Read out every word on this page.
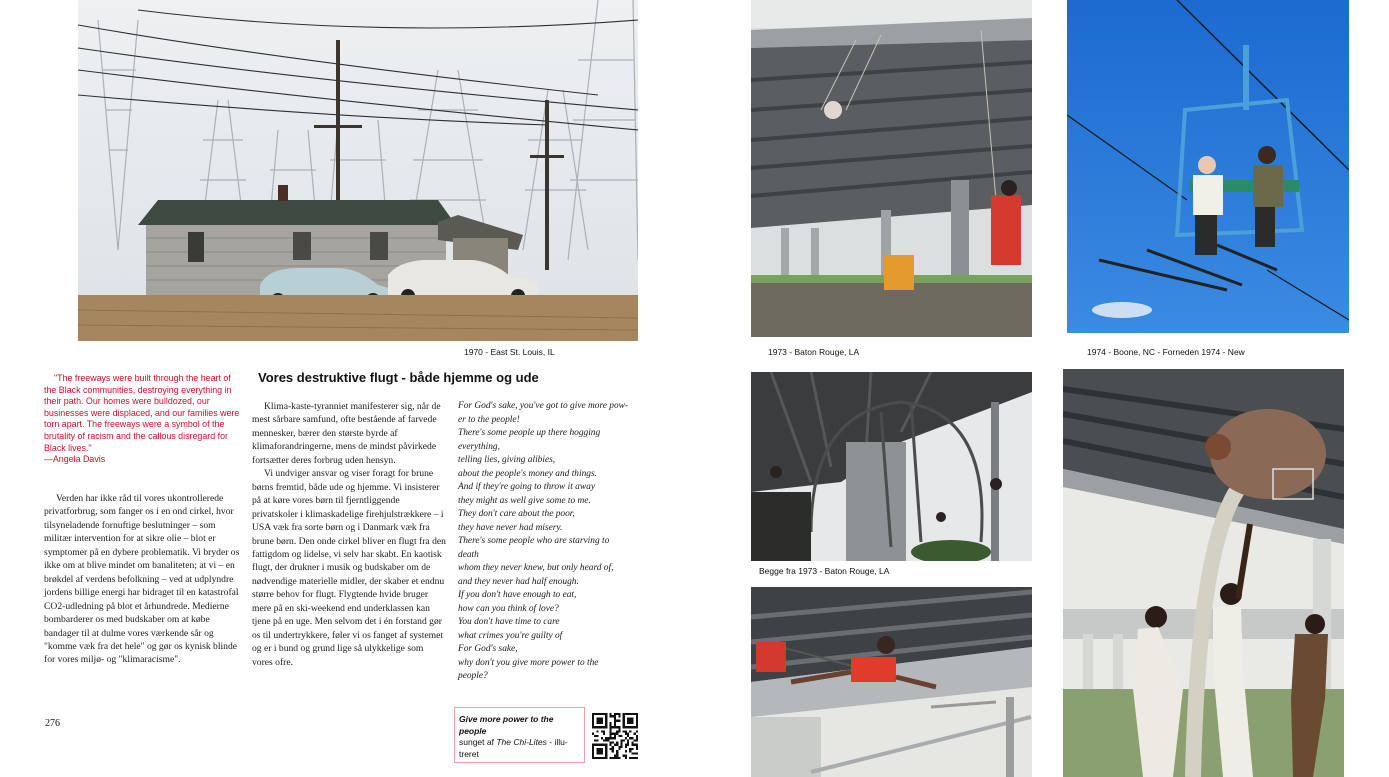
1970 - East St. Louis, IL

"The freeways were built through the heart of the Black communities, destroying everything in their path. Our homes were bulldozed, our businesses were displaced, and our families were torn apart. The freeways were a symbol of the brutality of racism and the callous disregard for Black lives."

—Angela Davis

Verden har ikke råd til vores ukontrollerede privatforbrug, som fanger os i en ond cirkel, hvor tilsyneladende fornuftige beslutninger – som militær intervention for at sikre olie – blot er symptomer på en dybere problematik. Vi bryder os ikke om at blive mindet om banaliteten; at vi – en brøkdel af verdens befolkning – ved at udplyndre jordens billige energi har bidraget til en katastrofal CO2-udledning på blot et århundrede. Medierne bombarderer os med budskaber om at købe bandager til at dulme vores værkende sår og "komme væk fra det hele" og gør os kynisk blinde for vores miljø- og "klimaracisme".

Vores destruktive flugt - både hjemme og ude

Klima-kaste-tyranniet manifesterer sig, når de mest sårbare samfund, ofte bestående af farvede mennesker, bærer den største byrde af klimaforandringerne, mens de mindst påvirkede fortsætter deres forbrug uden hensyn.

Vi undviger ansvar og viser foragt for brune børns fremtid, både ude og hjemme. Vi insisterer på at køre vores børn til fjerntliggende privatskoler i klimaskadelige firehjulstrækkere – i USA væk fra sorte børn og i Danmark væk fra brune børn. Den onde cirkel bliver en flugt fra den fattigdom og lidelse, vi selv har skabt. En kaotisk flugt, der drukner i musik og budskaber om de nødvendige materielle midler, der skaber et endnu større behov for flugt. Flygtende hvide bruger mere på en ski-weekend end underklassen kan tjene på en uge. Men selvom det i én forstand gør os til undertrykkere, føler vi os fanget af systemet og er i bund og grund lige så ulykkelige som vores ofre.

For God's sake, you've got to give more pow-
er to the people!
There's some people up there hogging
everything,
telling lies, giving alibies,
about the people's money and things.
And if they're going to throw it away
they might as well give some to me.
They don't care about the poor,
they have never had misery.
There's some people who are starving to
death
whom they never knew, but only heard of,
and they never had half enough.
If you don't have enough to eat,
how can you think of love?
You don't have time to care
what crimes you're guilty of
For God's sake,
why don't you give more power to the
people?
276	Give more power to the people
sunget af The Chi-Lites - illu-
treret
1973 - Baton Rouge, LA	1974 - Boone, NC - Forneden 1974 - New
Begge fra 1973 - Baton Rouge, LA
